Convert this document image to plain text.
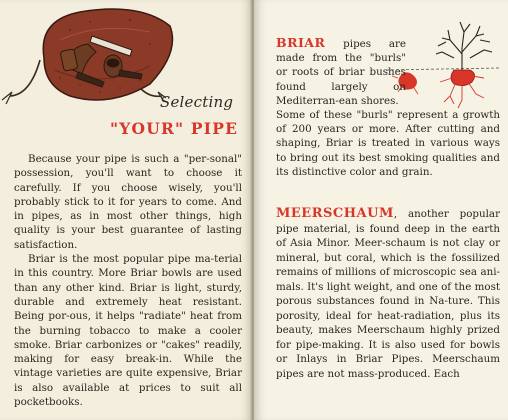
Selecting
"YOUR" PIPE

Because your pipe is such a "per-sonal" possession, you'll want to choose it carefully. If you choose wisely, you'll probably stick to it for years to come. And in pipes, as in most other things, high quality is your best guarantee of lasting satisfaction.

Briar is the most popular pipe ma-terial in this country. More Briar bowls are used than any other kind. Briar is light, sturdy, durable and extremely heat resistant. Being por-ous, it helps "radiate" heat from the burning tobacco to make a cooler smoke. Briar carbonizes or "cakes" readily, making for easy break-in. While the vintage varieties are quite expensive, Briar is also available at prices to suit all pocketbooks.

BRIAR pipes are made from the "burls" or roots of briar bushes found largely on Mediterran-ean shores.
Some of these "burls" represent a growth of 200 years or more. After cutting and shaping, Briar is treated in various ways to bring out its best smoking qualities and its distinctive color and grain.
MEERSCHAUM, another popular pipe material, is found deep in the earth of Asia Minor. Meer-schaum is not clay or mineral, but coral, which is the fossilized remains of millions of microscopic sea ani-mals. It's light weight, and one of the most porous substances found in Na-ture. This porosity, ideal for heat-radiation, plus its beauty, makes Meerschaum highly prized for pipe-making. It is also used for bowls or Inlays in Briar Pipes. Meerschaum pipes are not mass-produced. Each
